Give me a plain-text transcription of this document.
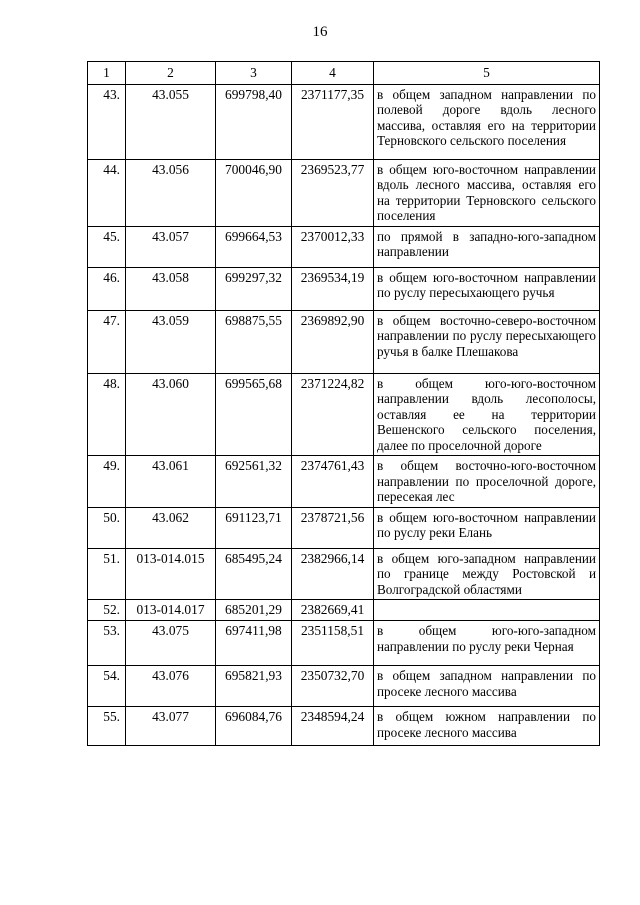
16
1	2	3	4	5
43.	43.055	699798,40	2371177,35	в общем западном направлении по полевой дороге вдоль лесного массива, оставляя его на территории Терновского сельского поселения
44.	43.056	700046,90	2369523,77	в общем юго-восточном направлении вдоль лесного массива, оставляя его на территории Терновского сельского поселения
45.	43.057	699664,53	2370012,33	по прямой в западно-юго-западном направлении
46.	43.058	699297,32	2369534,19	в общем юго-восточном направлении по руслу пересыхающего ручья
47.	43.059	698875,55	2369892,90	в общем восточно-северо-восточном направлении по руслу пересыхающего ручья в балке Плешакова
48.	43.060	699565,68	2371224,82	в общем юго-юго-восточном направлении вдоль лесополосы, оставляя ее на территории Вешенского сельского поселения, далее по проселочной дороге
49.	43.061	692561,32	2374761,43	в общем восточно-юго-восточном направлении по проселочной дороге, пересекая лес
50.	43.062	691123,71	2378721,56	в общем юго-восточном направлении по руслу реки Елань
51.	013-014.015	685495,24	2382966,14	в общем юго-западном направлении по границе между Ростовской и Волгоградской областями
52.	013-014.017	685201,29	2382669,41	
53.	43.075	697411,98	2351158,51	в общем юго-юго-западном направлении по руслу реки Черная
54.	43.076	695821,93	2350732,70	в общем западном направлении по просеке лесного массива
55.	43.077	696084,76	2348594,24	в общем южном направлении по просеке лесного массива
